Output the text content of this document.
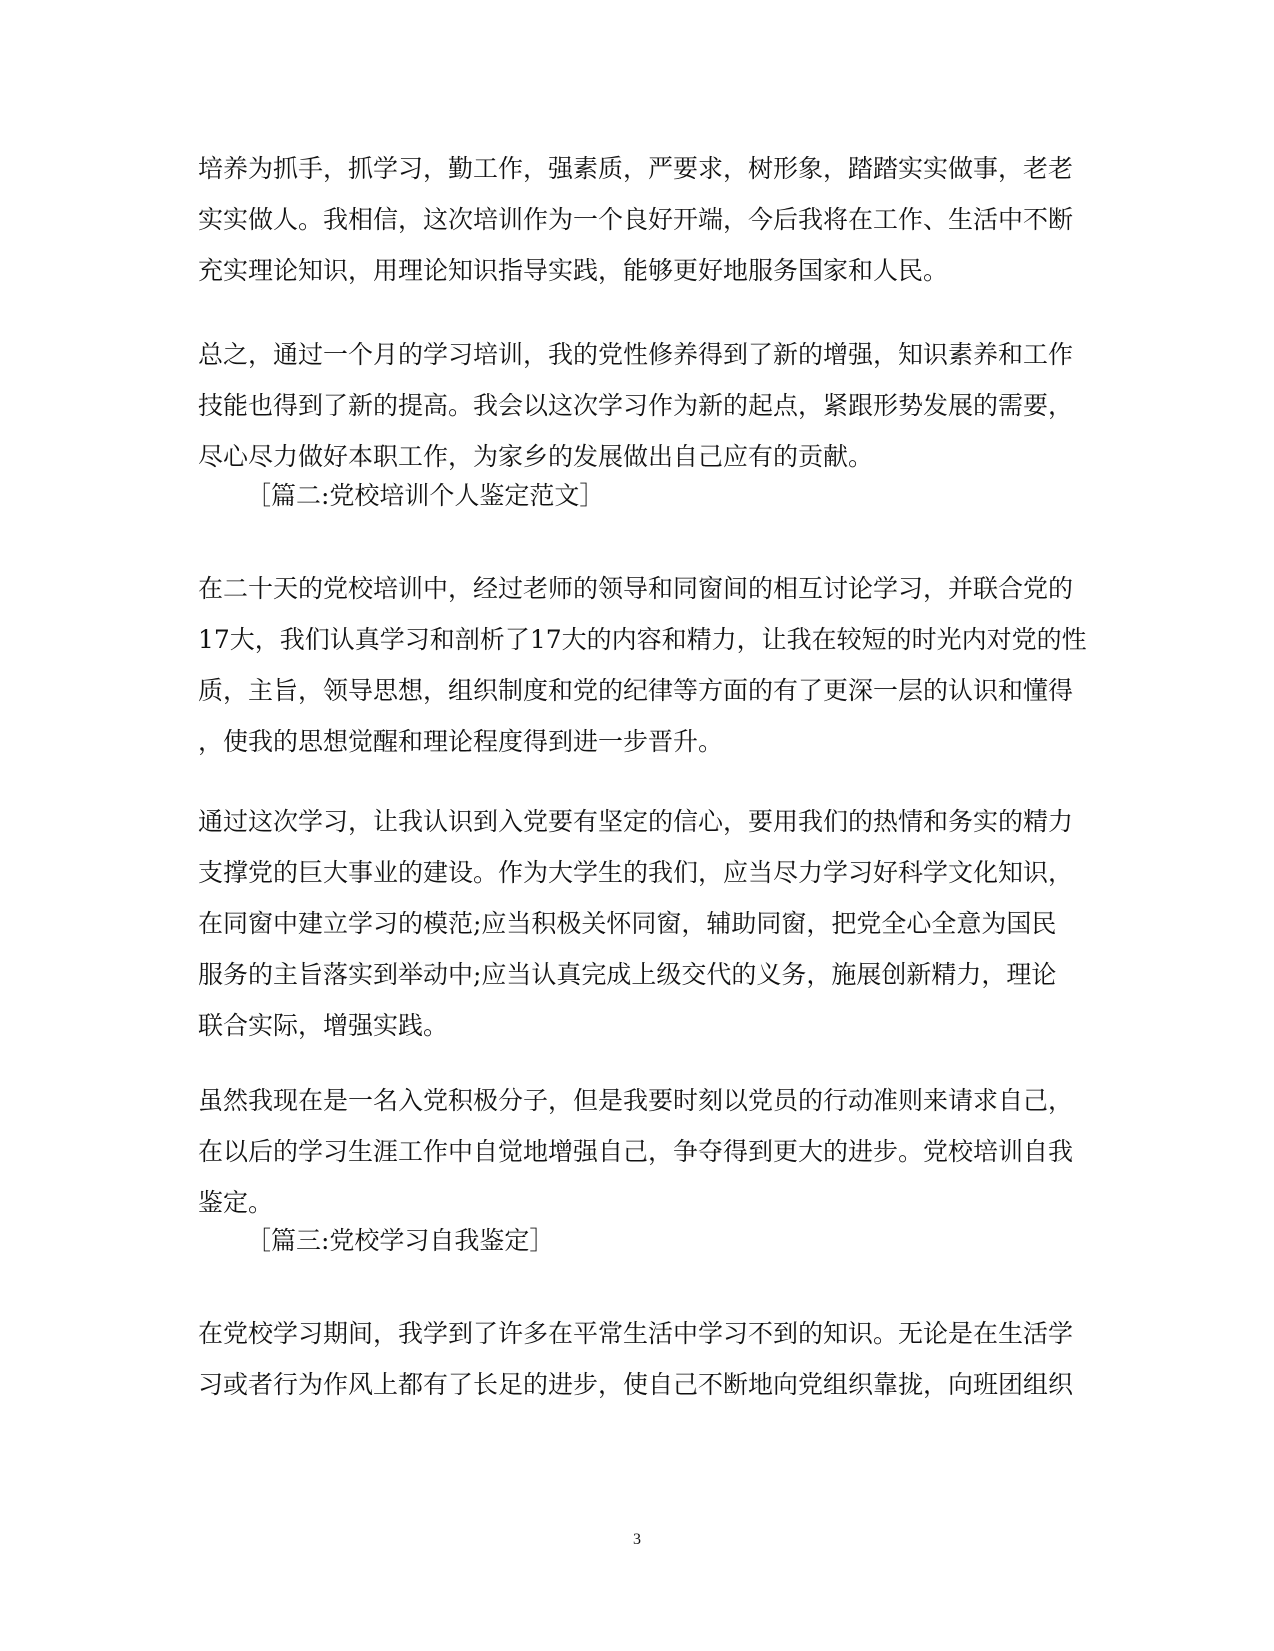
培养为抓手，抓学习，勤工作，强素质，严要求，树形象，踏踏实实做事，老老
实实做人。我相信，这次培训作为一个良好开端，今后我将在工作、生活中不断
充实理论知识，用理论知识指导实践，能够更好地服务国家和人民。

总之，通过一个月的学习培训，我的党性修养得到了新的增强，知识素养和工作
技能也得到了新的提高。我会以这次学习作为新的起点，紧跟形势发展的需要，
尽心尽力做好本职工作，为家乡的发展做出自己应有的贡献。

［篇二:党校培训个人鉴定范文］

在二十天的党校培训中，经过老师的领导和同窗间的相互讨论学习，并联合党的
17大，我们认真学习和剖析了17大的内容和精力，让我在较短的时光内对党的性
质，主旨，领导思想，组织制度和党的纪律等方面的有了更深一层的认识和懂得
，使我的思想觉醒和理论程度得到进一步晋升。

通过这次学习，让我认识到入党要有坚定的信心，要用我们的热情和务实的精力
支撑党的巨大事业的建设。作为大学生的我们，应当尽力学习好科学文化知识，
在同窗中建立学习的模范;应当积极关怀同窗，辅助同窗，把党全心全意为国民
服务的主旨落实到举动中;应当认真完成上级交代的义务，施展创新精力，理论
联合实际，增强实践。

虽然我现在是一名入党积极分子，但是我要时刻以党员的行动准则来请求自己，
在以后的学习生涯工作中自觉地增强自己，争夺得到更大的进步。党校培训自我
鉴定。

［篇三:党校学习自我鉴定］

在党校学习期间，我学到了许多在平常生活中学习不到的知识。无论是在生活学
习或者行为作风上都有了长足的进步，使自己不断地向党组织靠拢，向班团组织

3
